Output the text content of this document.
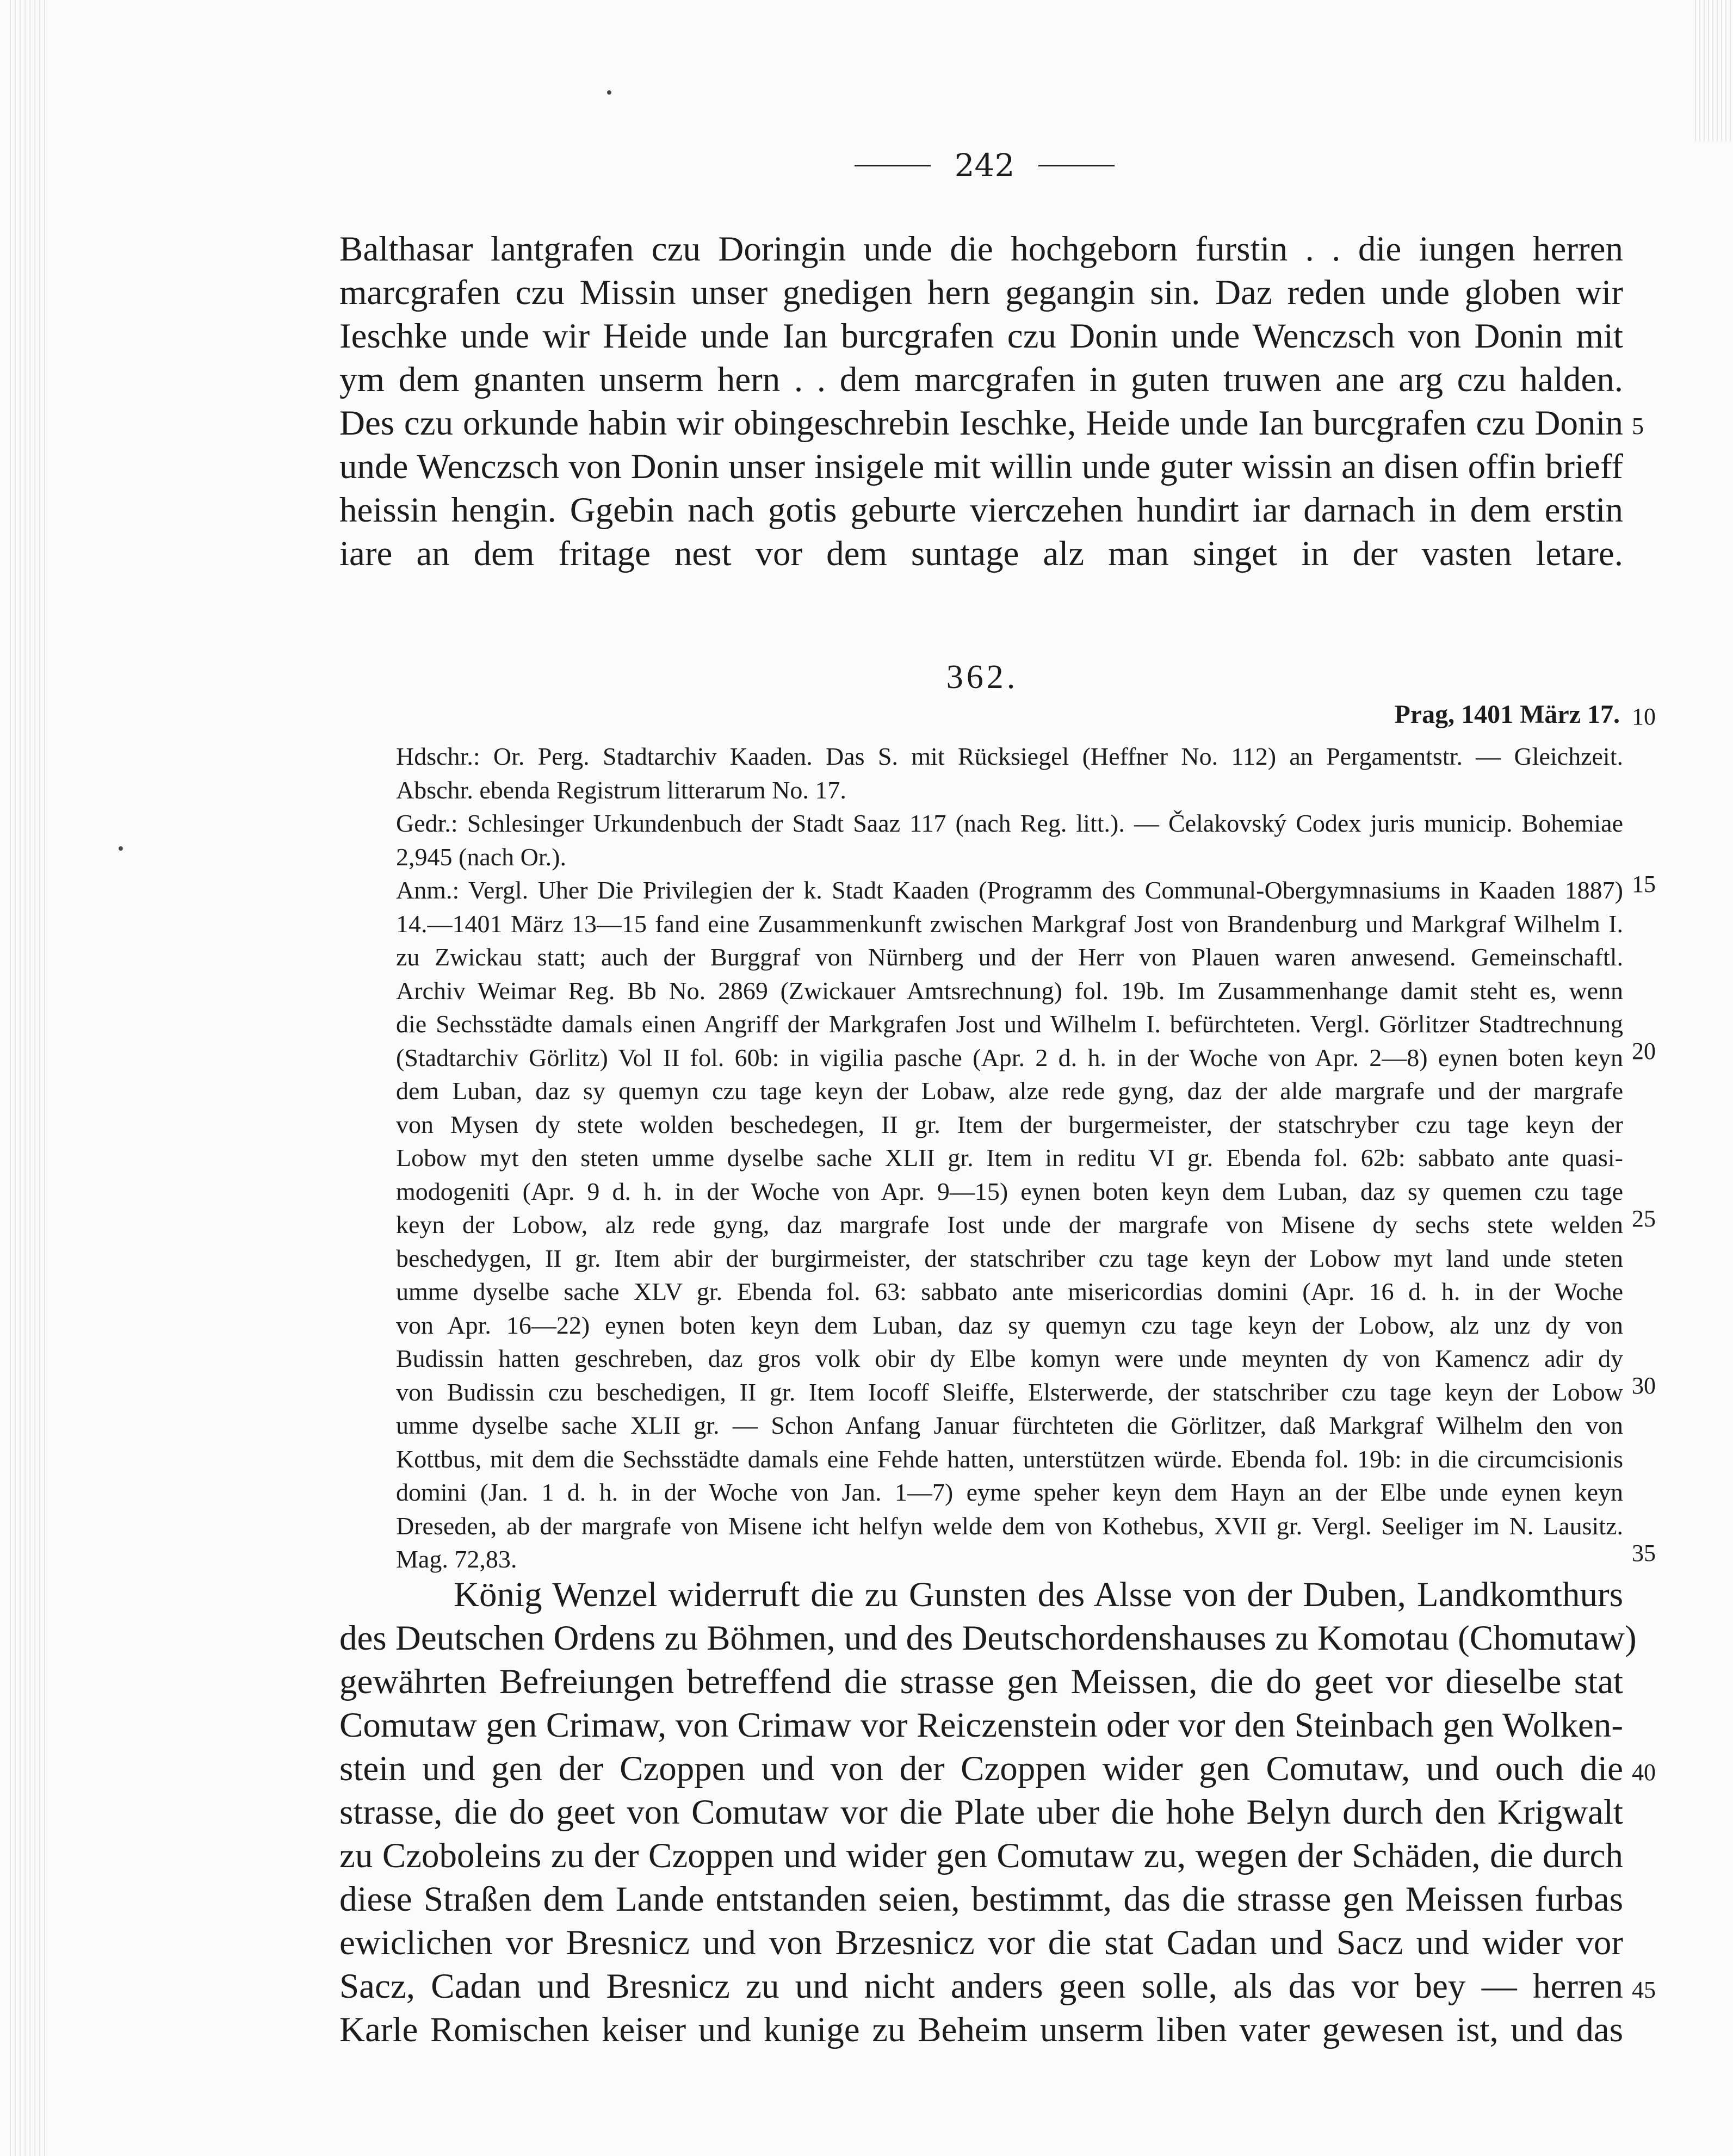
242
Balthasar lantgrafen czu Doringin unde die hochgeborn furstin . . die iungen herren
marcgrafen czu Missin unser gnedigen hern gegangin sin. Daz reden unde globen wir
Ieschke unde wir Heide unde Ian burcgrafen czu Donin unde Wenczsch von Donin mit
ym dem gnanten unserm hern . . dem marcgrafen in guten truwen ane arg czu halden.
Des czu orkunde habin wir obingeschrebin Ieschke, Heide unde Ian burcgrafen czu Donin
unde Wenczsch von Donin unser insigele mit willin unde guter wissin an disen offin brieff
heissin hengin. Ggebin nach gotis geburte vierczehen hundirt iar darnach in dem erstin
iare an dem fritage nest vor dem suntage alz man singet in der vasten letare.
362.
Prag, 1401 März 17.
Hdschr.: Or. Perg. Stadtarchiv Kaaden. Das S. mit Rücksiegel (Heffner No. 112) an Pergamentstr. — Gleichzeit.
Abschr. ebenda Registrum litterarum No. 17.
Gedr.: Schlesinger Urkundenbuch der Stadt Saaz 117 (nach Reg. litt.). — Čelakovský Codex juris municip. Bohemiae
2,945 (nach Or.).
Anm.: Vergl. Uher Die Privilegien der k. Stadt Kaaden (Programm des Communal-Obergymnasiums in Kaaden 1887)
14.—1401 März 13—15 fand eine Zusammenkunft zwischen Markgraf Jost von Brandenburg und Markgraf Wilhelm I.
zu Zwickau statt; auch der Burggraf von Nürnberg und der Herr von Plauen waren anwesend. Gemeinschaftl.
Archiv Weimar Reg. Bb No. 2869 (Zwickauer Amtsrechnung) fol. 19b. Im Zusammenhange damit steht es, wenn
die Sechsstädte damals einen Angriff der Markgrafen Jost und Wilhelm I. befürchteten. Vergl. Görlitzer Stadtrechnung
(Stadtarchiv Görlitz) Vol II fol. 60b: in vigilia pasche (Apr. 2 d. h. in der Woche von Apr. 2—8) eynen boten keyn
dem Luban, daz sy quemyn czu tage keyn der Lobaw, alze rede gyng, daz der alde margrafe und der margrafe
von Mysen dy stete wolden beschedegen, II gr. Item der burgermeister, der statschryber czu tage keyn der
Lobow myt den steten umme dyselbe sache XLII gr. Item in reditu VI gr. Ebenda fol. 62b: sabbato ante quasi-
modogeniti (Apr. 9 d. h. in der Woche von Apr. 9—15) eynen boten keyn dem Luban, daz sy quemen czu tage
keyn der Lobow, alz rede gyng, daz margrafe Iost unde der margrafe von Misene dy sechs stete welden
beschedygen, II gr. Item abir der burgirmeister, der statschriber czu tage keyn der Lobow myt land unde steten
umme dyselbe sache XLV gr. Ebenda fol. 63: sabbato ante misericordias domini (Apr. 16 d. h. in der Woche
von Apr. 16—22) eynen boten keyn dem Luban, daz sy quemyn czu tage keyn der Lobow, alz unz dy von
Budissin hatten geschreben, daz gros volk obir dy Elbe komyn were unde meynten dy von Kamencz adir dy
von Budissin czu beschedigen, II gr. Item Iocoff Sleiffe, Elsterwerde, der statschriber czu tage keyn der Lobow
umme dyselbe sache XLII gr. — Schon Anfang Januar fürchteten die Görlitzer, daß Markgraf Wilhelm den von
Kottbus, mit dem die Sechsstädte damals eine Fehde hatten, unterstützen würde. Ebenda fol. 19b: in die circumcisionis
domini (Jan. 1 d. h. in der Woche von Jan. 1—7) eyme speher keyn dem Hayn an der Elbe unde eynen keyn
Dreseden, ab der margrafe von Misene icht helfyn welde dem von Kothebus, XVII gr. Vergl. Seeliger im N. Lausitz.
Mag. 72,83.
König Wenzel widerruft die zu Gunsten des Alsse von der Duben, Landkomthurs
des Deutschen Ordens zu Böhmen, und des Deutschordenshauses zu Komotau (Chomutaw)
gewährten Befreiungen betreffend die strasse gen Meissen, die do geet vor dieselbe stat
Comutaw gen Crimaw, von Crimaw vor Reiczenstein oder vor den Steinbach gen Wolken-
stein und gen der Czoppen und von der Czoppen wider gen Comutaw, und ouch die
strasse, die do geet von Comutaw vor die Plate uber die hohe Belyn durch den Krigwalt
zu Czoboleins zu der Czoppen und wider gen Comutaw zu, wegen der Schäden, die durch
diese Straßen dem Lande entstanden seien, bestimmt, das die strasse gen Meissen furbas
ewiclichen vor Bresnicz und von Brzesnicz vor die stat Cadan und Sacz und wider vor
Sacz, Cadan und Bresnicz zu und nicht anders geen solle, als das vor bey — herren
Karle Romischen keiser und kunige zu Beheim unserm liben vater gewesen ist, und das
5
10
15
20
25
30
35
40
45
